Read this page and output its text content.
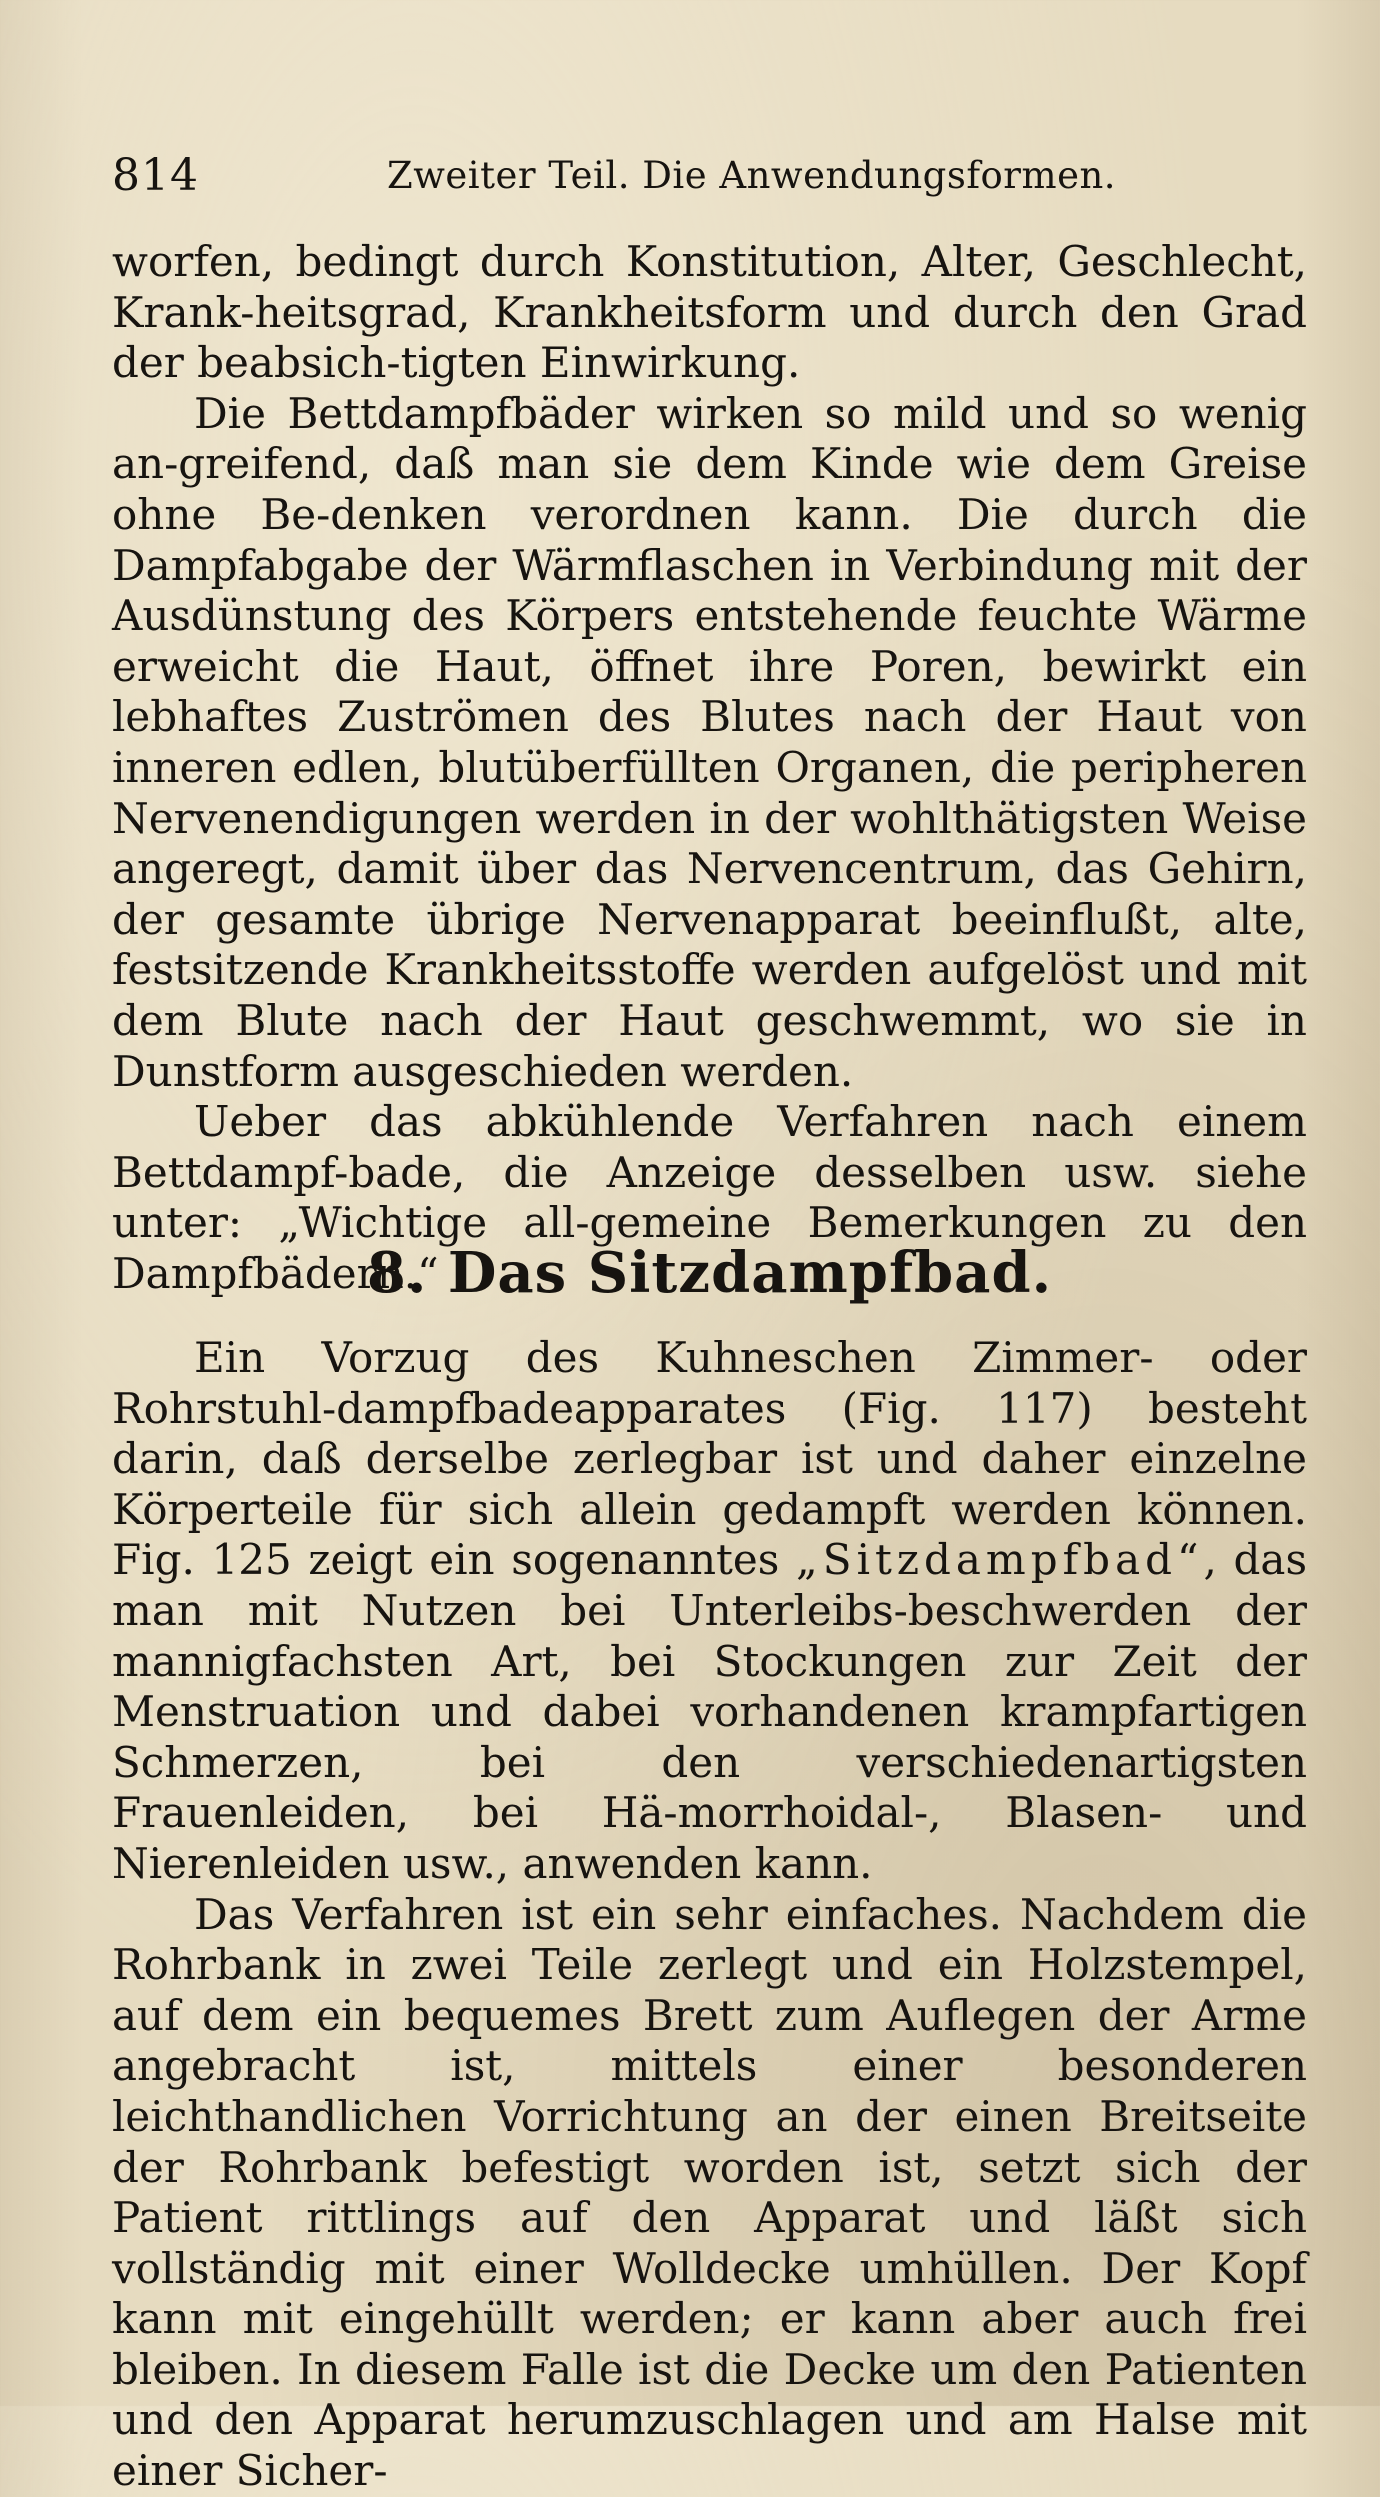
814	Zweiter Teil. Die Anwendungsformen.

worfen, bedingt durch Konstitution, Alter, Geschlecht, Krank-heitsgrad, Krankheitsform und durch den Grad der beabsich-tigten Einwirkung.

Die Bettdampfbäder wirken so mild und so wenig an-greifend, daß man sie dem Kinde wie dem Greise ohne Be-denken verordnen kann. Die durch die Dampfabgabe der Wärmflaschen in Verbindung mit der Ausdünstung des Körpers entstehende feuchte Wärme erweicht die Haut, öffnet ihre Poren, bewirkt ein lebhaftes Zuströmen des Blutes nach der Haut von inneren edlen, blutüberfüllten Organen, die peripheren Nervenendigungen werden in der wohlthätigsten Weise angeregt, damit über das Nervencentrum, das Gehirn, der gesamte übrige Nervenapparat beeinflußt, alte, festsitzende Krankheitsstoffe werden aufgelöst und mit dem Blute nach der Haut geschwemmt, wo sie in Dunstform ausgeschieden werden.

Ueber das abkühlende Verfahren nach einem Bettdampf-bade, die Anzeige desselben usw. siehe unter: „Wichtige all-gemeine Bemerkungen zu den Dampfbädern.“

8. Das Sitzdampfbad.

Ein Vorzug des Kuhneschen Zimmer- oder Rohrstuhl-dampfbadeapparates (Fig. 117) besteht darin, daß derselbe zerlegbar ist und daher einzelne Körperteile für sich allein gedampft werden können. Fig. 125 zeigt ein sogenanntes „Sitzdampfbad“, das man mit Nutzen bei Unterleibs-beschwerden der mannigfachsten Art, bei Stockungen zur Zeit der Menstruation und dabei vorhandenen krampfartigen Schmerzen, bei den verschiedenartigsten Frauenleiden, bei Hä-morrhoidal-, Blasen- und Nierenleiden usw., anwenden kann.

Das Verfahren ist ein sehr einfaches. Nachdem die Rohrbank in zwei Teile zerlegt und ein Holzstempel, auf dem ein bequemes Brett zum Auflegen der Arme angebracht ist, mittels einer besonderen leichthandlichen Vorrichtung an der einen Breitseite der Rohrbank befestigt worden ist, setzt sich der Patient rittlings auf den Apparat und läßt sich vollständig mit einer Wolldecke umhüllen. Der Kopf kann mit eingehüllt werden; er kann aber auch frei bleiben. In diesem Falle ist die Decke um den Patienten und den Apparat herumzuschlagen und am Halse mit einer Sicher-
